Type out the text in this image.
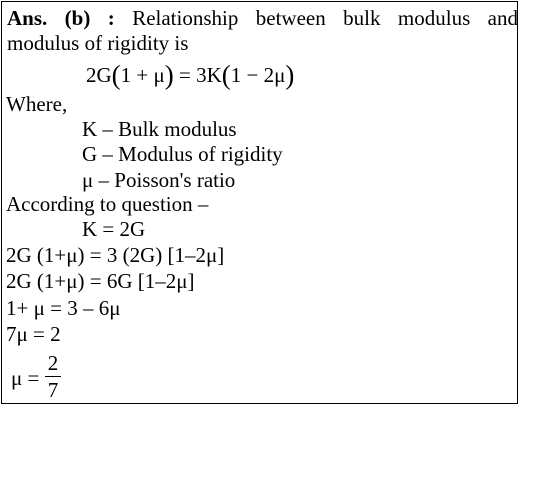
Ans. (b) : Relationship between bulk modulus and
modulus of rigidity is
2G(1 + μ) = 3K(1 − 2μ)
Where,
K – Bulk modulus
G – Modulus of rigidity
μ – Poisson's ratio
According to question –
K = 2G
2G (1+μ) = 3 (2G) [1–2μ]
2G (1+μ) = 6G [1–2μ]
1+ μ = 3 – 6μ
7μ = 2
μ =
2
7
